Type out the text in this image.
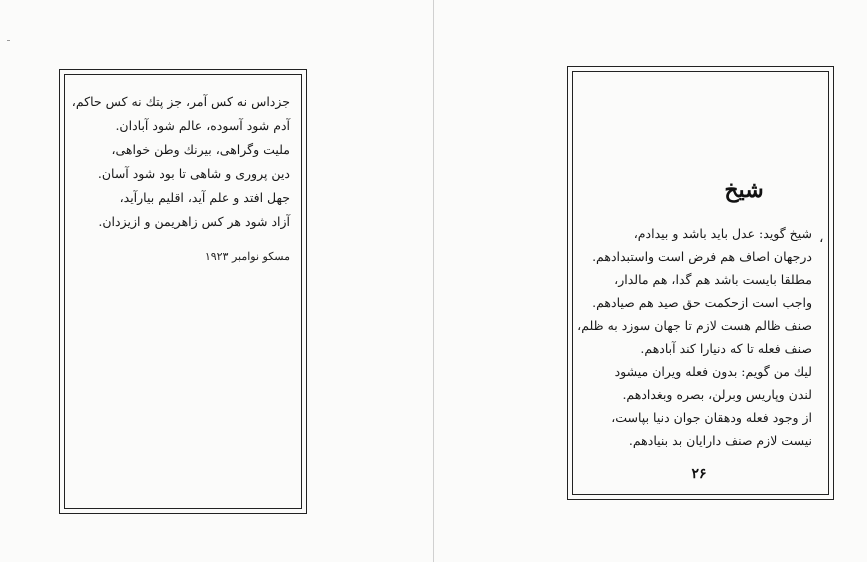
جزداس نه کس آمر، جز پتك نه کس حاکم،
آدم شود آسوده، عالم شود آبادان.
ملیت وگراهی، بیرنك وطن خواهی،
دین پروری و شاهی تا بود شود آسان.
جهل افتد و علم آید، اقلیم بیارآید،
آزاد شود هر کس زاهریمن و ازیزدان.
مسکو نوامبر ۱۹۲۳
شیخ
،
شیخ گوید: عدل باید باشد و بیدادم،
درجهان اصاف هم فرض است واستبدادهم.
مطلقا بایست باشد هم گدا، هم مالدار،
واجب است ازحکمت حق صید هم صیادهم.
صنف ظالم هست لازم تا جهان سوزد به ظلم،
صنف فعله تا که دنیارا کند آبادهم.
لیك من گویم: بدون فعله ویران میشود
لندن وپاریس وبرلن، بصره وبغدادهم.
از وجود فعله ودهقان جوان دنیا بپاست،
نیست لازم صنف دارایان بد بنیادهم.
۲۶
